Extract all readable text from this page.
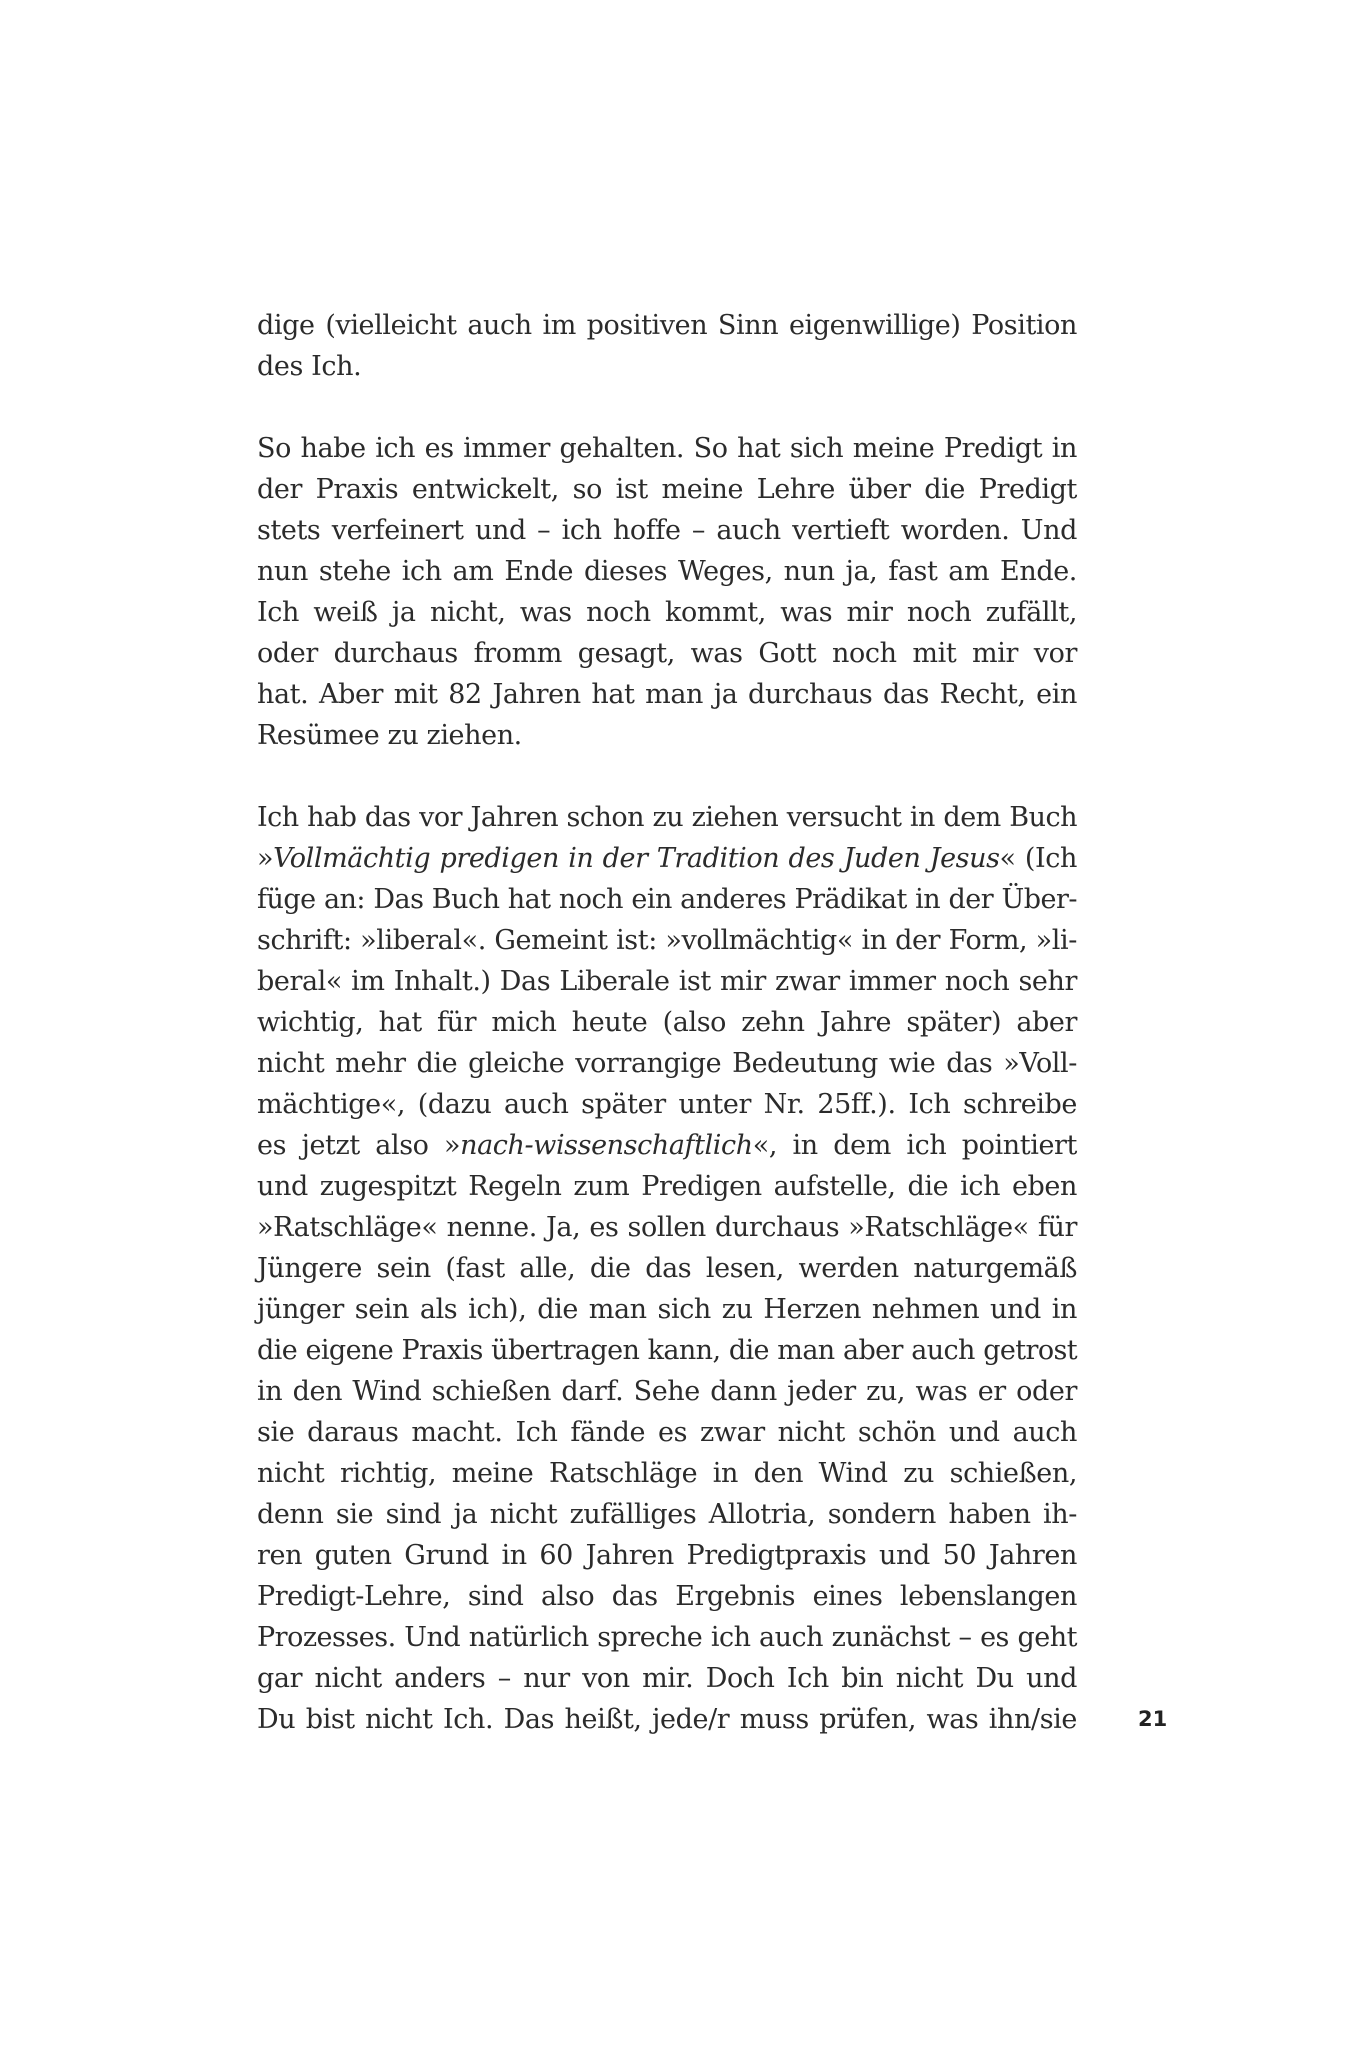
dige (vielleicht auch im positiven Sinn eigenwillige) Position
des Ich.
So habe ich es immer gehalten. So hat sich meine Predigt in
der Praxis entwickelt, so ist meine Lehre über die Predigt
stets verfeinert und – ich hoffe – auch vertieft worden. Und
nun stehe ich am Ende dieses Weges, nun ja, fast am Ende.
Ich weiß ja nicht, was noch kommt, was mir noch zufällt,
oder durchaus fromm gesagt, was Gott noch mit mir vor
hat. Aber mit 82 Jahren hat man ja durchaus das Recht, ein
Resümee zu ziehen.
Ich hab das vor Jahren schon zu ziehen versucht in dem Buch
»Vollmächtig predigen in der Tradition des Juden Jesus« (Ich
füge an: Das Buch hat noch ein anderes Prädikat in der Über-
schrift: »liberal«. Gemeint ist: »vollmächtig« in der Form, »li-
beral« im Inhalt.) Das Liberale ist mir zwar immer noch sehr
wichtig, hat für mich heute (also zehn Jahre später) aber
nicht mehr die gleiche vorrangige Bedeutung wie das »Voll-
mächtige«, (dazu auch später unter Nr. 25ff.). Ich schreibe
es jetzt also »nach-wissenschaftlich«, in dem ich pointiert
und zugespitzt Regeln zum Predigen aufstelle, die ich eben
»Ratschläge« nenne. Ja, es sollen durchaus »Ratschläge« für
Jüngere sein (fast alle, die das lesen, werden naturgemäß
jünger sein als ich), die man sich zu Herzen nehmen und in
die eigene Praxis übertragen kann, die man aber auch getrost
in den Wind schießen darf. Sehe dann jeder zu, was er oder
sie daraus macht. Ich fände es zwar nicht schön und auch
nicht richtig, meine Ratschläge in den Wind zu schießen,
denn sie sind ja nicht zufälliges Allotria, sondern haben ih-
ren guten Grund in 60 Jahren Predigtpraxis und 50 Jahren
Predigt-Lehre, sind also das Ergebnis eines lebenslangen
Prozesses. Und natürlich spreche ich auch zunächst – es geht
gar nicht anders – nur von mir. Doch Ich bin nicht Du und
Du bist nicht Ich. Das heißt, jede/r muss prüfen, was ihn/sie	21
